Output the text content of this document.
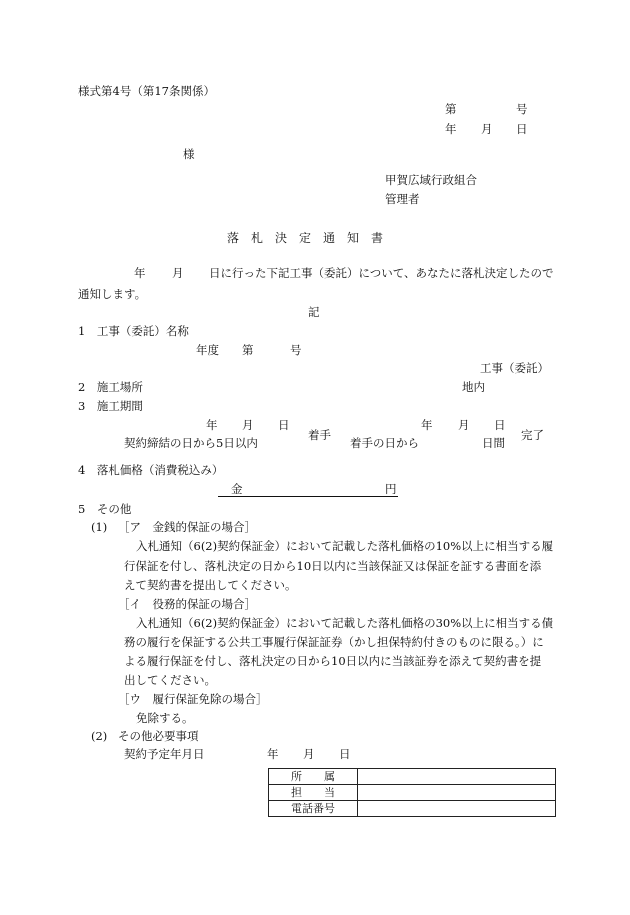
様式第4号（第17条関係）
第	号
年 月 日
様
甲賀広域行政組合
管理者
落　札　決　定　通　知　書
年 月 日に行った下記工事（委託）について、あなたに落札決定したので
通知します。
記
1　工事（委託）名称
年度 第	号
工事（委託）
2　施工場所	地内
3　施工期間
年 月 日
契約締結の日から5日以内
着手
年 月 日
着手の日から	日間
完了
4　落札価格（消費税込み）
金	円
5　その他
(1) ［ア　金銭的保証の場合］
入札通知（6(2)契約保証金）において記載した落札価格の10%以上に相当する履
行保証を付し、落札決定の日から10日以内に当該保証又は保証を証する書面を添
えて契約書を提出してください。
［イ　役務的保証の場合］
入札通知（6(2)契約保証金）において記載した落札価格の30%以上に相当する債
務の履行を保証する公共工事履行保証証券（かし担保特約付きのものに限る。）に
よる履行保証を付し、落札決定の日から10日以内に当該証券を添えて契約書を提
出してください。
［ウ　履行保証免除の場合］
免除する。
(2) その他必要事項
契約予定年月日	年 月 日
所　　属	
担　　当	
電話番号	
